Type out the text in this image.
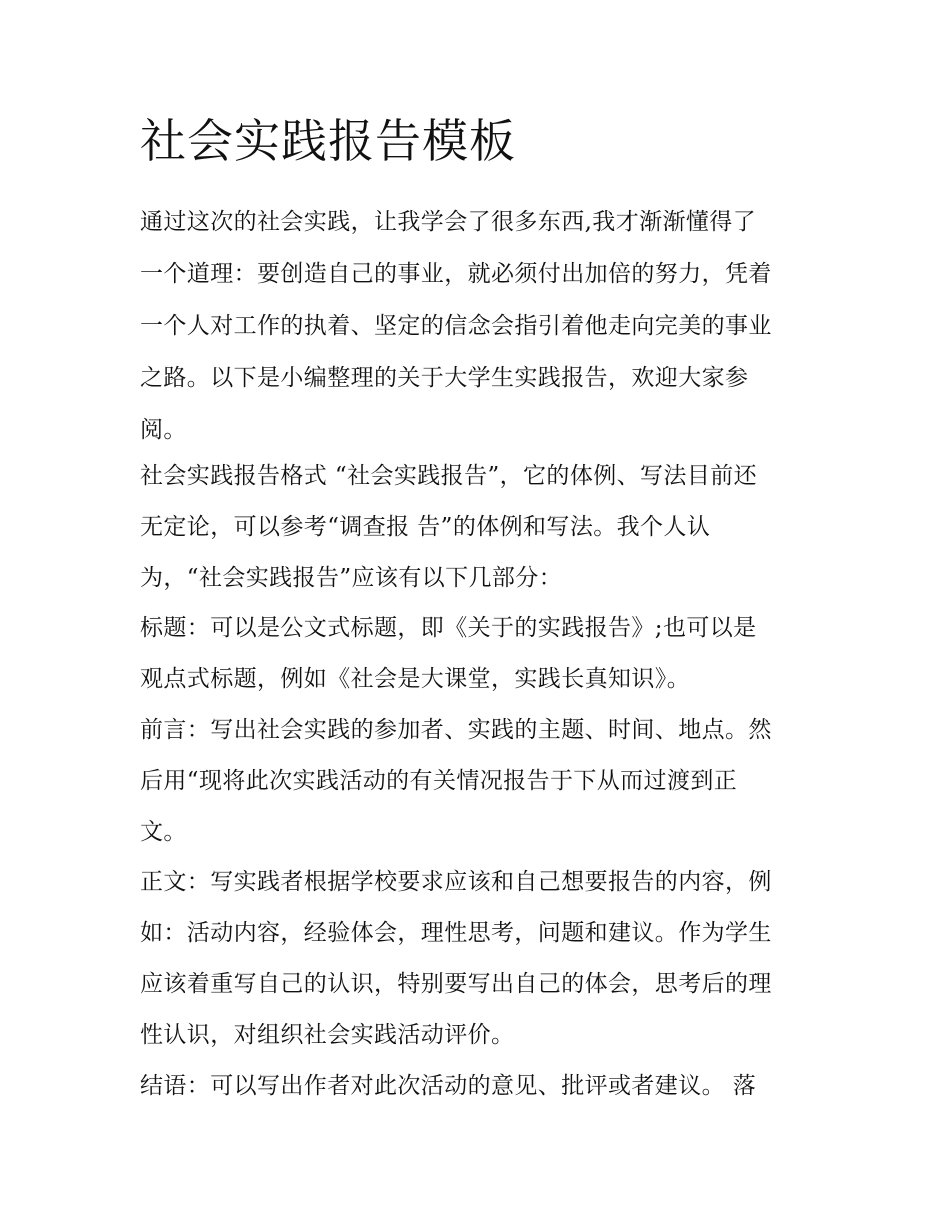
社会实践报告模板

通过这次的社会实践，让我学会了很多东西,我才渐渐懂得了

一个道理：要创造自己的事业，就必须付出加倍的努力，凭着

一个人对工作的执着、坚定的信念会指引着他走向完美的事业

之路。以下是小编整理的关于大学生实践报告，欢迎大家参

阅。

社会实践报告格式 “社会实践报告”，它的体例、写法目前还

无定论，可以参考“调查报 告”的体例和写法。我个人认

为，“社会实践报告”应该有以下几部分：

标题：可以是公文式标题，即《关于的实践报告》;也可以是

观点式标题，例如《社会是大课堂，实践长真知识》。

前言：写出社会实践的参加者、实践的主题、时间、地点。然

后用“现将此次实践活动的有关情况报告于下从而过渡到正

文。

正文：写实践者根据学校要求应该和自己想要报告的内容，例

如：活动内容，经验体会，理性思考，问题和建议。作为学生

应该着重写自己的认识，特别要写出自己的体会，思考后的理

性认识，对组织社会实践活动评价。

结语：可以写出作者对此次活动的意见、批评或者建议。 落
